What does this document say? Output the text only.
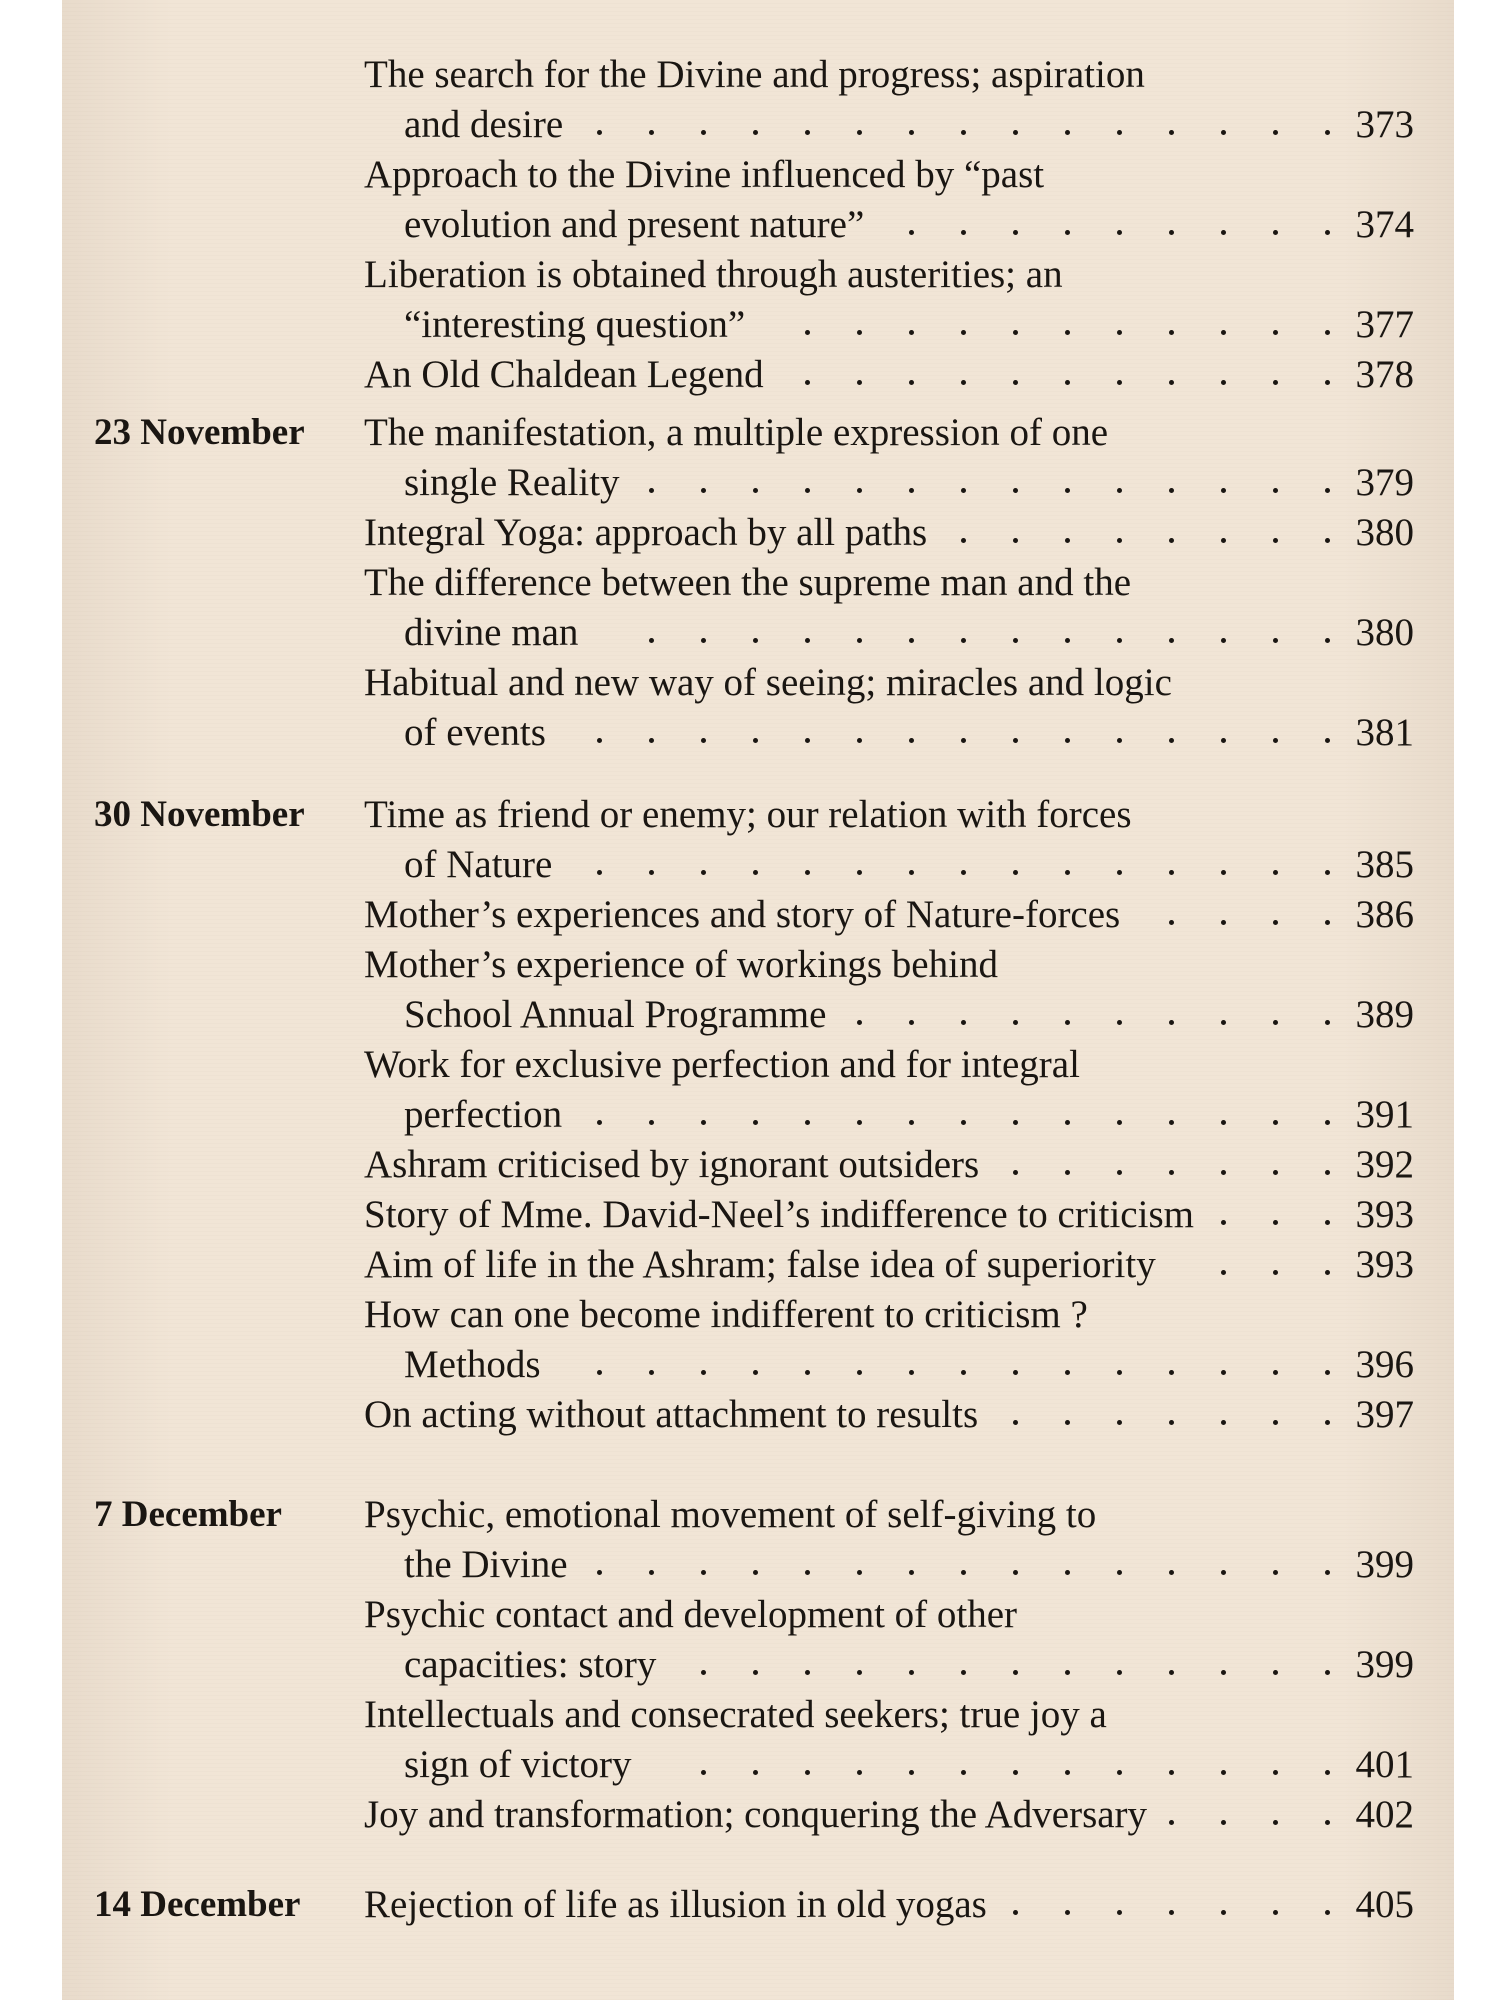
The search for the Divine and progress; aspiration
and desire	373
Approach to the Divine influenced by “past
evolution and present nature”	374
Liberation is obtained through austerities; an
“interesting question”	377
An Old Chaldean Legend	378
23 November The manifestation, a multiple expression of one
single Reality	379
Integral Yoga: approach by all paths	380
The difference between the supreme man and the
divine man	380
Habitual and new way of seeing; miracles and logic
of events	381
30 November Time as friend or enemy; our relation with forces
of Nature	385
Mother’s experiences and story of Nature-forces	386
Mother’s experience of workings behind
School Annual Programme	389
Work for exclusive perfection and for integral
perfection	391
Ashram criticised by ignorant outsiders	392
Story of Mme. David-Neel’s indifference to criticism	393
Aim of life in the Ashram; false idea of superiority	393
How can one become indifferent to criticism ?
Methods	396
On acting without attachment to results	397
7 December Psychic, emotional movement of self-giving to
the Divine	399
Psychic contact and development of other
capacities: story	399
Intellectuals and consecrated seekers; true joy a
sign of victory	401
Joy and transformation; conquering the Adversary	402
14 December Rejection of life as illusion in old yogas	405
